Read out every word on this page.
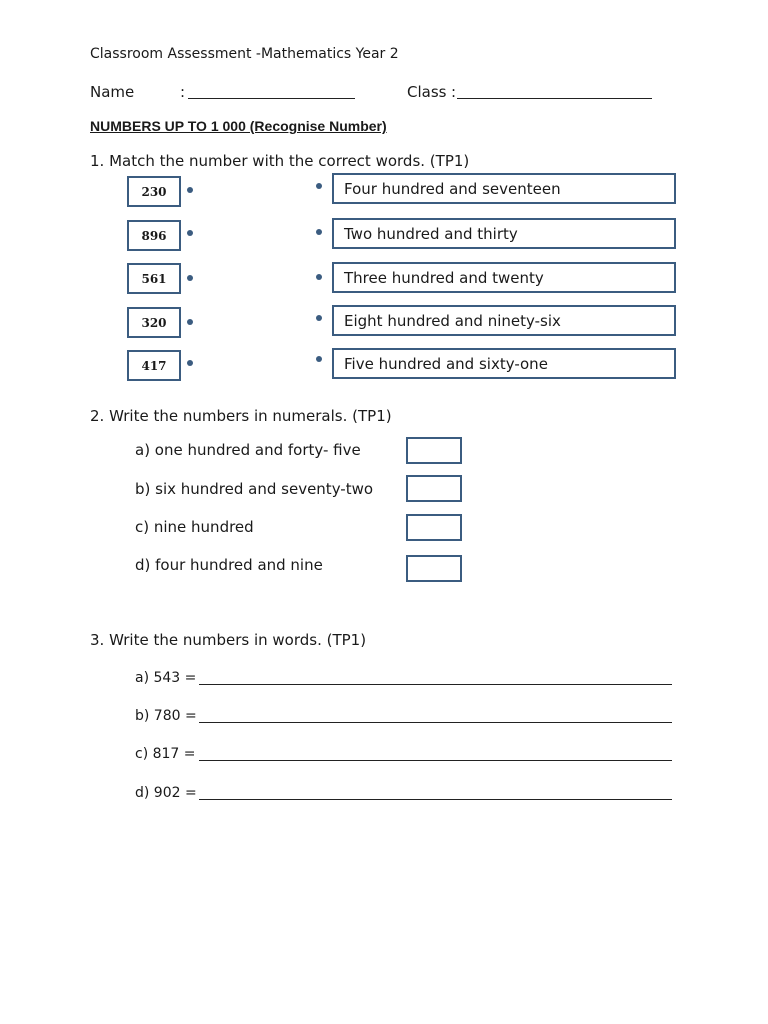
Classroom Assessment -Mathematics Year 2
Name	:	Class :
NUMBERS UP TO 1 000 (Recognise Number)
1. Match the number with the correct words. (TP1)
230
896
561
320
417
Four hundred and seventeen
Two hundred and thirty
Three hundred and twenty
Eight hundred and ninety-six
Five hundred and sixty-one
2. Write the numbers in numerals. (TP1)
a) one hundred and forty- five
b) six hundred and seventy-two
c) nine hundred
d) four hundred and nine
3. Write the numbers in words. (TP1)
a) 543 =
b) 780 =
c) 817 =
d) 902 =
